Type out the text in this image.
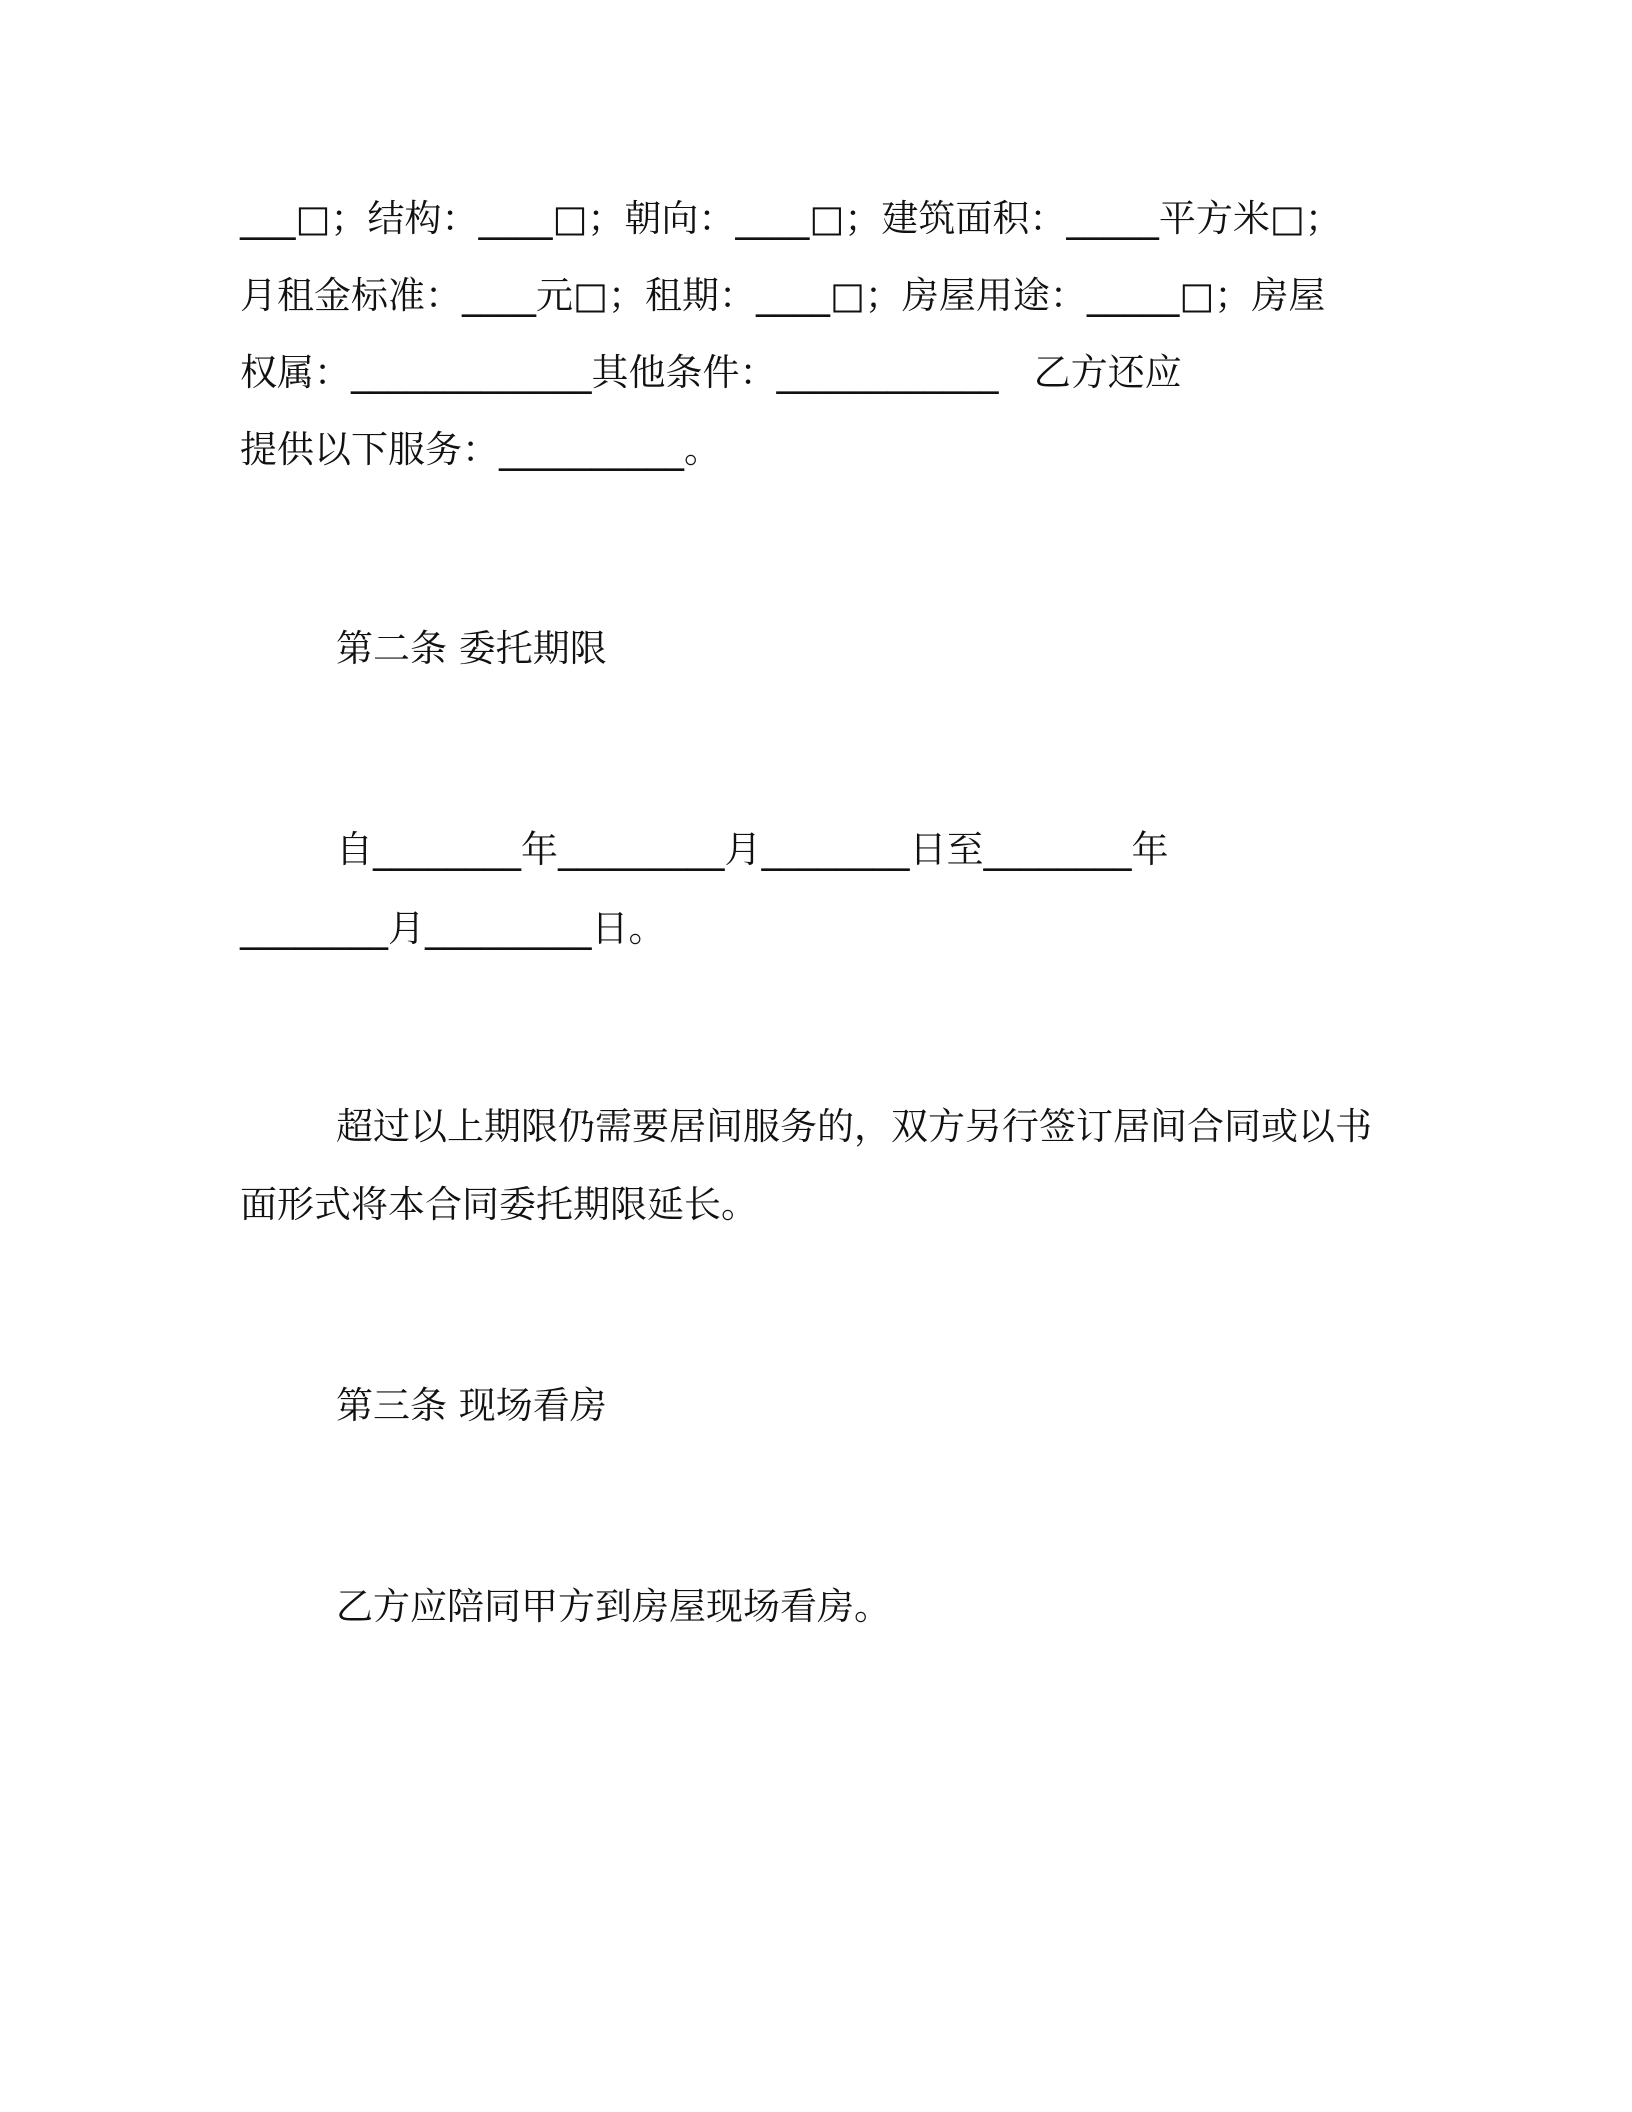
___□；结构：____□；朝向：____□；建筑面积：_____平方米□；
月租金标准：____元□；租期：____□；房屋用途：_____□；房屋
权属：_____________其他条件：____________   乙方还应
提供以下服务：__________。
第二条 委托期限
自________年_________月________日至________年
________月_________日。
超过以上期限仍需要居间服务的，双方另行签订居间合同或以书
面形式将本合同委托期限延长。
第三条 现场看房
乙方应陪同甲方到房屋现场看房。
